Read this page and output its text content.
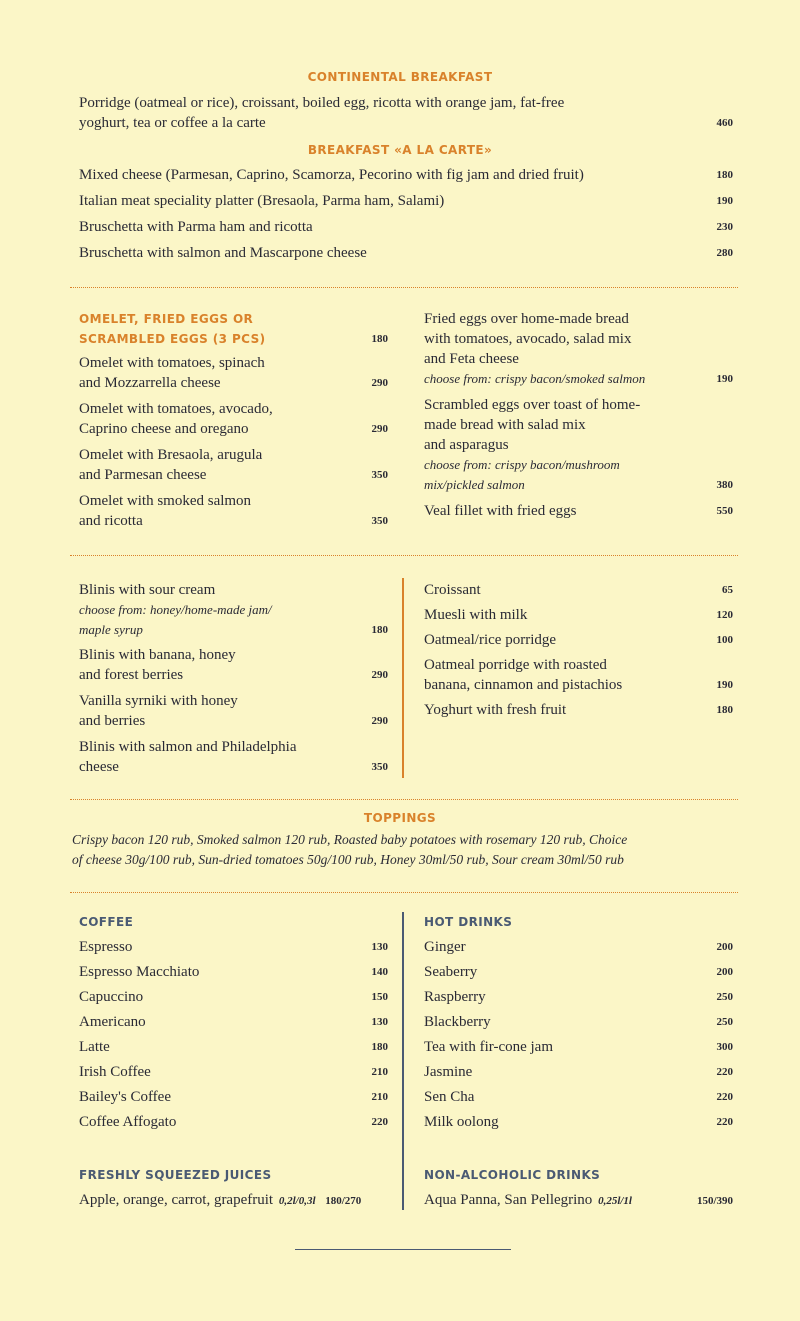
CONTINENTAL BREAKFAST
Porridge (oatmeal or rice), croissant, boiled egg, ricotta with orange jam, fat-free
yoghurt, tea or coffee a la carte	460
BREAKFAST «A LA CARTE»
Mixed cheese (Parmesan, Caprino, Scamorza, Pecorino with fig jam and dried fruit)	180
Italian meat speciality platter (Bresaola, Parma ham, Salami)	190
Bruschetta with Parma ham and ricotta	230
Bruschetta with salmon and Mascarpone cheese	280
OMELET, FRIED EGGS OR
SCRAMBLED EGGS (3 PCS)	180
Omelet with tomatoes, spinach
and Mozzarrella cheese	290
Omelet with tomatoes, avocado,
Caprino cheese and oregano	290
Omelet with Bresaola, arugula
and Parmesan cheese	350
Omelet with smoked salmon
and ricotta	350
Fried eggs over home-made bread
with tomatoes, avocado, salad mix
and Feta cheese
choose from: crispy bacon/smoked salmon	190
Scrambled eggs over toast of home-
made bread with salad mix
and asparagus
choose from: crispy bacon/mushroom
mix/pickled salmon	380
Veal fillet with fried eggs	550
Blinis with sour cream
choose from: honey/home-made jam/
maple syrup	180
Blinis with banana, honey
and forest berries	290
Vanilla syrniki with honey
and berries	290
Blinis with salmon and Philadelphia
cheese	350
Croissant	65
Muesli with milk	120
Oatmeal/rice porridge	100
Oatmeal porridge with roasted
banana, cinnamon and pistachios	190
Yoghurt with fresh fruit	180
TOPPINGS
Crispy bacon 120 rub, Smoked salmon 120 rub, Roasted baby potatoes with rosemary 120 rub, Choice
of cheese 30g/100 rub, Sun-dried tomatoes 50g/100 rub, Honey 30ml/50 rub, Sour cream 30ml/50 rub
COFFEE
Espresso	130
Espresso Macchiato	140
Capuccino	150
Americano	130
Latte	180
Irish Coffee	210
Bailey's Coffee	210
Coffee Affogato	220
HOT DRINKS
Ginger	200
Seaberry	200
Raspberry	250
Blackberry	250
Tea with fir-cone jam	300
Jasmine	220
Sen Cha	220
Milk oolong	220
FRESHLY SQUEEZED JUICES
Apple, orange, carrot, grapefruit 0,2l/0,3l 180/270
NON-ALCOHOLIC DRINKS
Aqua Panna, San Pellegrino 0,25l/1l	150/390
